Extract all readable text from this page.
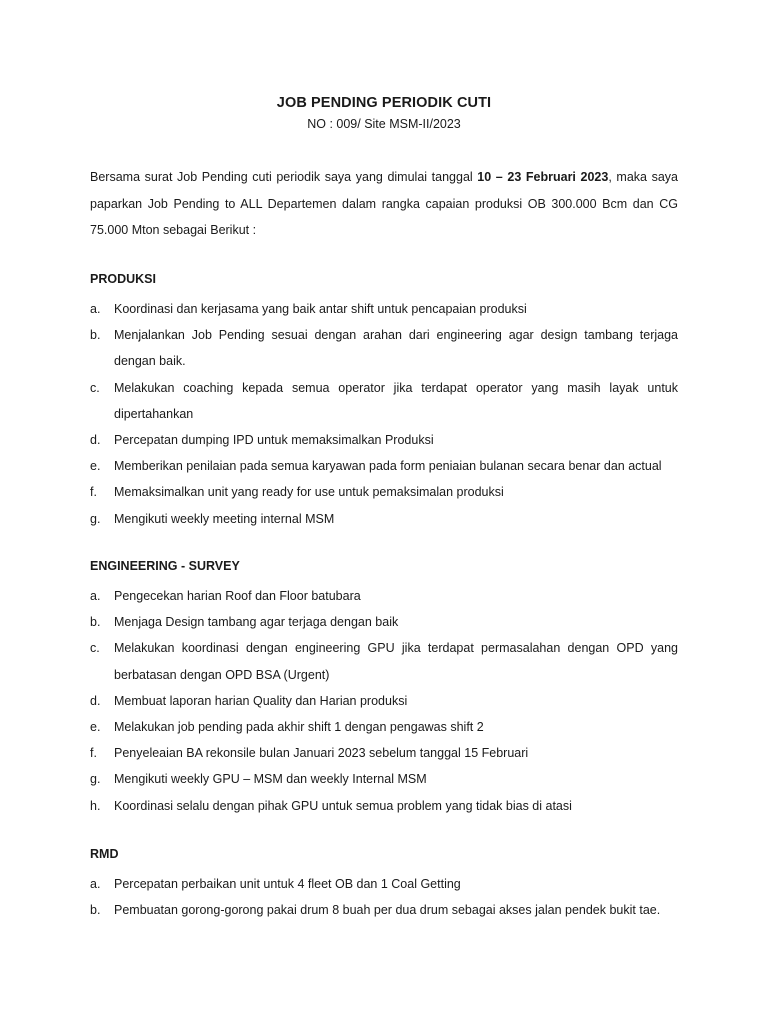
JOB PENDING PERIODIK CUTI
NO : 009/ Site MSM-II/2023
Bersama surat Job Pending cuti periodik saya yang dimulai tanggal 10 – 23 Februari 2023, maka saya paparkan Job Pending to ALL Departemen dalam rangka capaian produksi OB 300.000 Bcm dan CG 75.000 Mton sebagai Berikut :
PRODUKSI
a.	Koordinasi dan kerjasama yang baik antar shift untuk pencapaian produksi
b.	Menjalankan Job Pending sesuai dengan arahan dari engineering agar design tambang terjaga dengan baik.
c.	Melakukan coaching kepada semua operator jika terdapat operator yang masih layak untuk dipertahankan
d.	Percepatan dumping IPD untuk memaksimalkan Produksi
e.	Memberikan penilaian pada semua karyawan pada form peniaian bulanan secara benar dan actual
f.	Memaksimalkan unit yang ready for use untuk pemaksimalan produksi
g.	Mengikuti weekly meeting internal MSM
ENGINEERING - SURVEY
a.	Pengecekan harian Roof dan Floor batubara
b.	Menjaga Design tambang agar terjaga dengan baik
c.	Melakukan koordinasi dengan engineering GPU jika terdapat permasalahan dengan OPD yang berbatasan dengan OPD BSA (Urgent)
d.	Membuat laporan harian Quality dan Harian produksi
e.	Melakukan job pending pada akhir shift 1 dengan pengawas shift 2
f.	Penyeleaian BA rekonsile bulan Januari 2023 sebelum tanggal 15 Februari
g.	Mengikuti weekly GPU – MSM dan weekly Internal MSM
h.	Koordinasi selalu dengan pihak GPU untuk semua problem yang tidak bias di atasi
RMD
a.	Percepatan perbaikan unit untuk 4 fleet OB dan 1 Coal Getting
b.	Pembuatan gorong-gorong pakai drum 8 buah per dua drum sebagai akses jalan pendek bukit tae.
